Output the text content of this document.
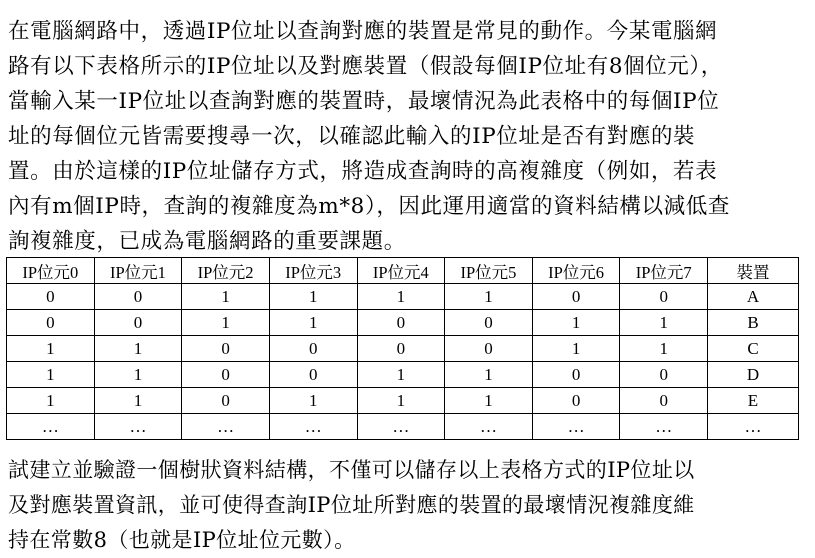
在電腦網路中，透過IP位址以查詢對應的裝置是常見的動作。今某電腦網
路有以下表格所示的IP位址以及對應裝置（假設每個IP位址有8個位元），
當輸入某一IP位址以查詢對應的裝置時，最壞情況為此表格中的每個IP位
址的每個位元皆需要搜尋一次，以確認此輸入的IP位址是否有對應的裝
置。由於這樣的IP位址儲存方式，將造成查詢時的高複雜度（例如，若表
內有m個IP時，查詢的複雜度為m*8），因此運用適當的資料結構以減低查
詢複雜度，已成為電腦網路的重要課題。

IP位元0	IP位元1	IP位元2	IP位元3	IP位元4	IP位元5	IP位元6	IP位元7	裝置
0	0	1	1	1	1	0	0	A
0	0	1	1	0	0	1	1	B
1	1	0	0	0	0	1	1	C
1	1	0	0	1	1	0	0	D
1	1	0	1	1	1	0	0	E
…	…	…	…	…	…	…	…	…

試建立並驗證一個樹狀資料結構，不僅可以儲存以上表格方式的IP位址以
及對應裝置資訊，並可使得查詢IP位址所對應的裝置的最壞情況複雜度維
持在常數8（也就是IP位址位元數）。
